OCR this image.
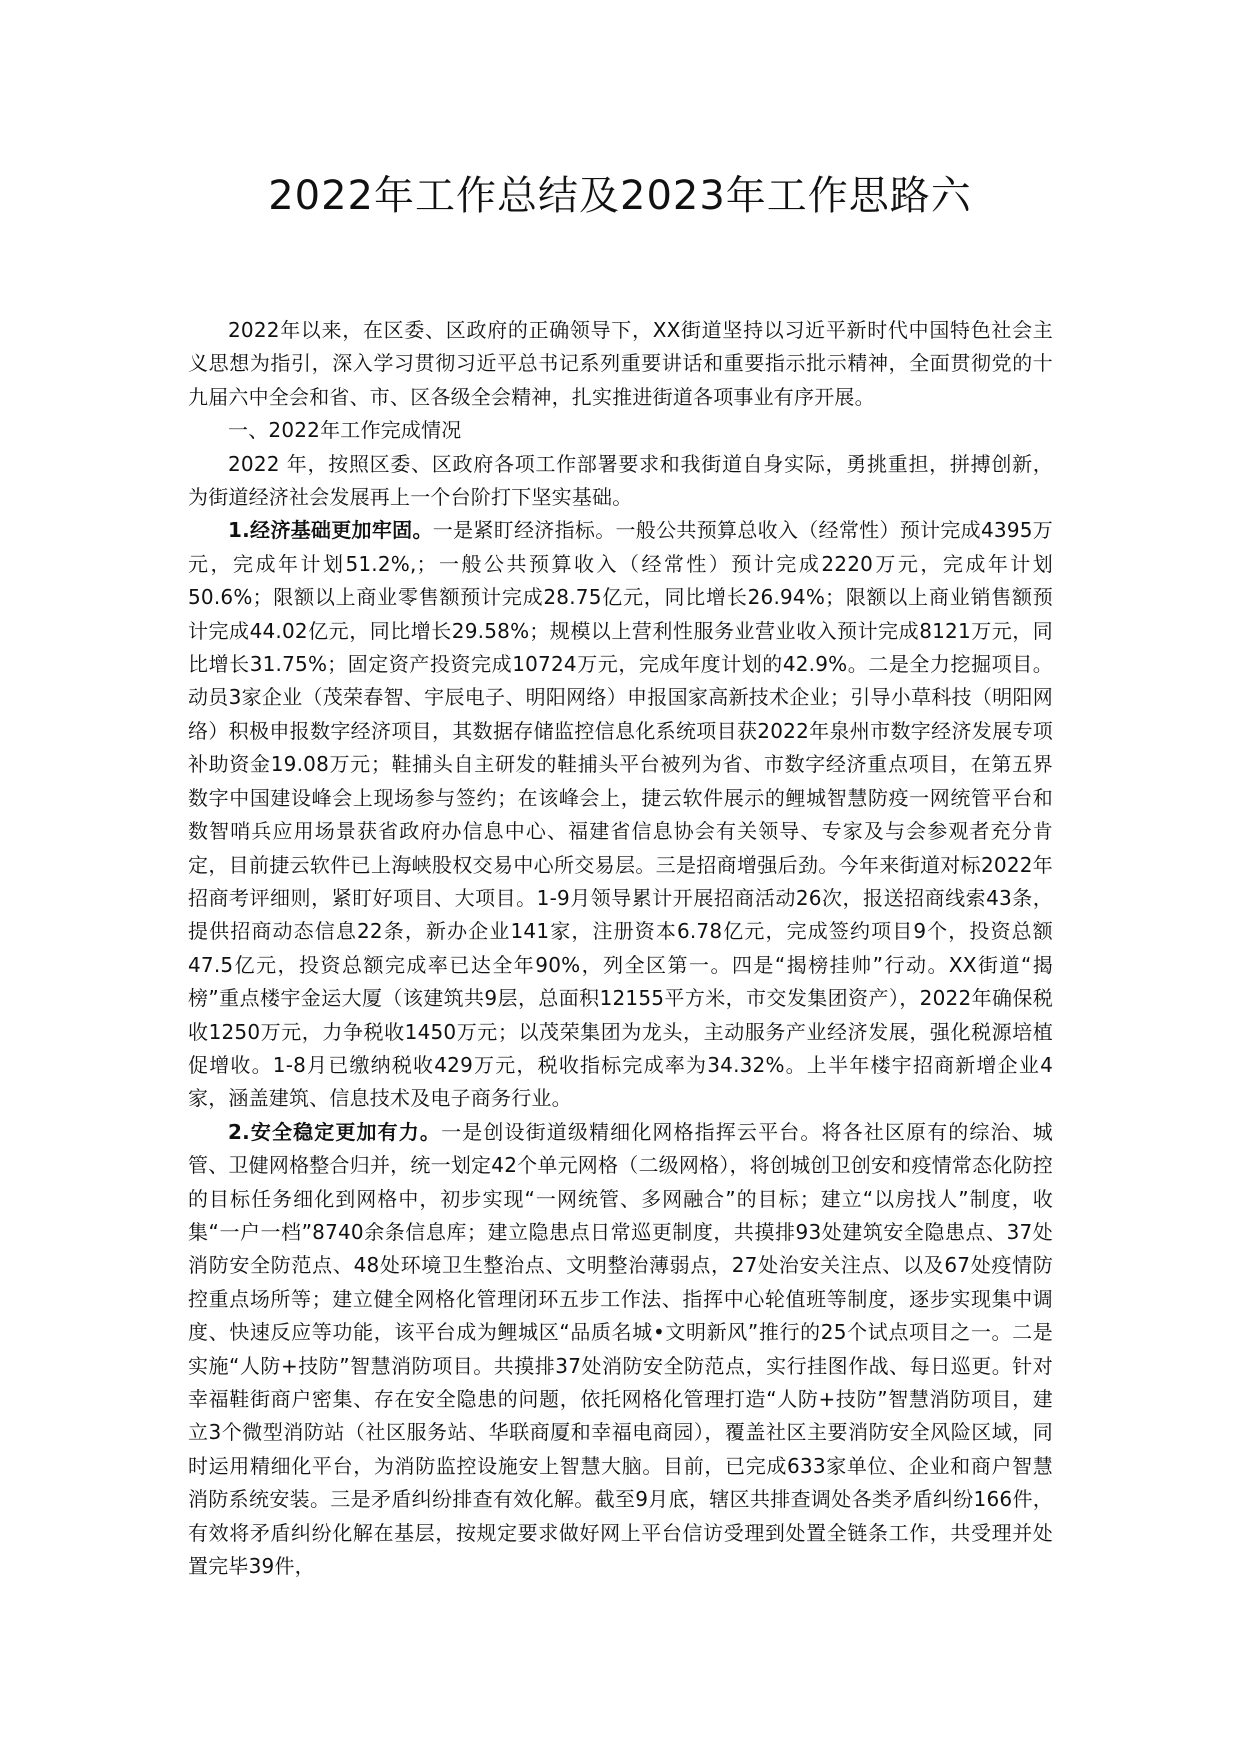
2022年工作总结及2023年工作思路六

2022年以来，在区委、区政府的正确领导下，XX街道坚持以习近平新时代中国特色社会主义思想为指引，深入学习贯彻习近平总书记系列重要讲话和重要指示批示精神，全面贯彻党的十九届六中全会和省、市、区各级全会精神，扎实推进街道各项事业有序开展。

一、2022年工作完成情况

2022 年，按照区委、区政府各项工作部署要求和我街道自身实际，勇挑重担，拼搏创新，为街道经济社会发展再上一个台阶打下坚实基础。

1.经济基础更加牢固。一是紧盯经济指标。一般公共预算总收入（经常性）预计完成4395万元，完成年计划51.2%,；一般公共预算收入（经常性）预计完成2220万元，完成年计划50.6%；限额以上商业零售额预计完成28.75亿元，同比增长26.94%；限额以上商业销售额预计完成44.02亿元，同比增长29.58%；规模以上营利性服务业营业收入预计完成8121万元，同比增长31.75%；固定资产投资完成10724万元，完成年度计划的42.9%。二是全力挖掘项目。动员3家企业（茂荣春智、宇辰电子、明阳网络）申报国家高新技术企业；引导小草科技（明阳网络）积极申报数字经济项目，其数据存储监控信息化系统项目获2022年泉州市数字经济发展专项补助资金19.08万元；鞋捕头自主研发的鞋捕头平台被列为省、市数字经济重点项目，在第五界数字中国建设峰会上现场参与签约；在该峰会上，捷云软件展示的鲤城智慧防疫一网统管平台和数智哨兵应用场景获省政府办信息中心、福建省信息协会有关领导、专家及与会参观者充分肯定，目前捷云软件已上海峡股权交易中心所交易层。三是招商增强后劲。今年来街道对标2022年招商考评细则，紧盯好项目、大项目。1-9月领导累计开展招商活动26次，报送招商线索43条，提供招商动态信息22条，新办企业141家，注册资本6.78亿元，完成签约项目9个，投资总额47.5亿元，投资总额完成率已达全年90%，列全区第一。四是“揭榜挂帅”行动。XX街道“揭榜”重点楼宇金运大厦（该建筑共9层，总面积12155平方米，市交发集团资产），2022年确保税收1250万元，力争税收1450万元；以茂荣集团为龙头，主动服务产业经济发展，强化税源培植促增收。1-8月已缴纳税收429万元，税收指标完成率为34.32%。上半年楼宇招商新增企业4家，涵盖建筑、信息技术及电子商务行业。

2.安全稳定更加有力。一是创设街道级精细化网格指挥云平台。将各社区原有的综治、城管、卫健网格整合归并，统一划定42个单元网格（二级网格），将创城创卫创安和疫情常态化防控的目标任务细化到网格中，初步实现“一网统管、多网融合”的目标；建立“以房找人”制度，收集“一户一档”8740余条信息库；建立隐患点日常巡更制度，共摸排93处建筑安全隐患点、37处消防安全防范点、48处环境卫生整治点、文明整治薄弱点，27处治安关注点、以及67处疫情防控重点场所等；建立健全网格化管理闭环五步工作法、指挥中心轮值班等制度，逐步实现集中调度、快速反应等功能，该平台成为鲤城区“品质名城•文明新风”推行的25个试点项目之一。二是实施“人防+技防”智慧消防项目。共摸排37处消防安全防范点，实行挂图作战、每日巡更。针对幸福鞋街商户密集、存在安全隐患的问题，依托网格化管理打造“人防+技防”智慧消防项目，建立3个微型消防站（社区服务站、华联商厦和幸福电商园），覆盖社区主要消防安全风险区域，同时运用精细化平台，为消防监控设施安上智慧大脑。目前，已完成633家单位、企业和商户智慧消防系统安装。三是矛盾纠纷排查有效化解。截至9月底，辖区共排查调处各类矛盾纠纷166件，有效将矛盾纠纷化解在基层，按规定要求做好网上平台信访受理到处置全链条工作，共受理并处置完毕39件，
